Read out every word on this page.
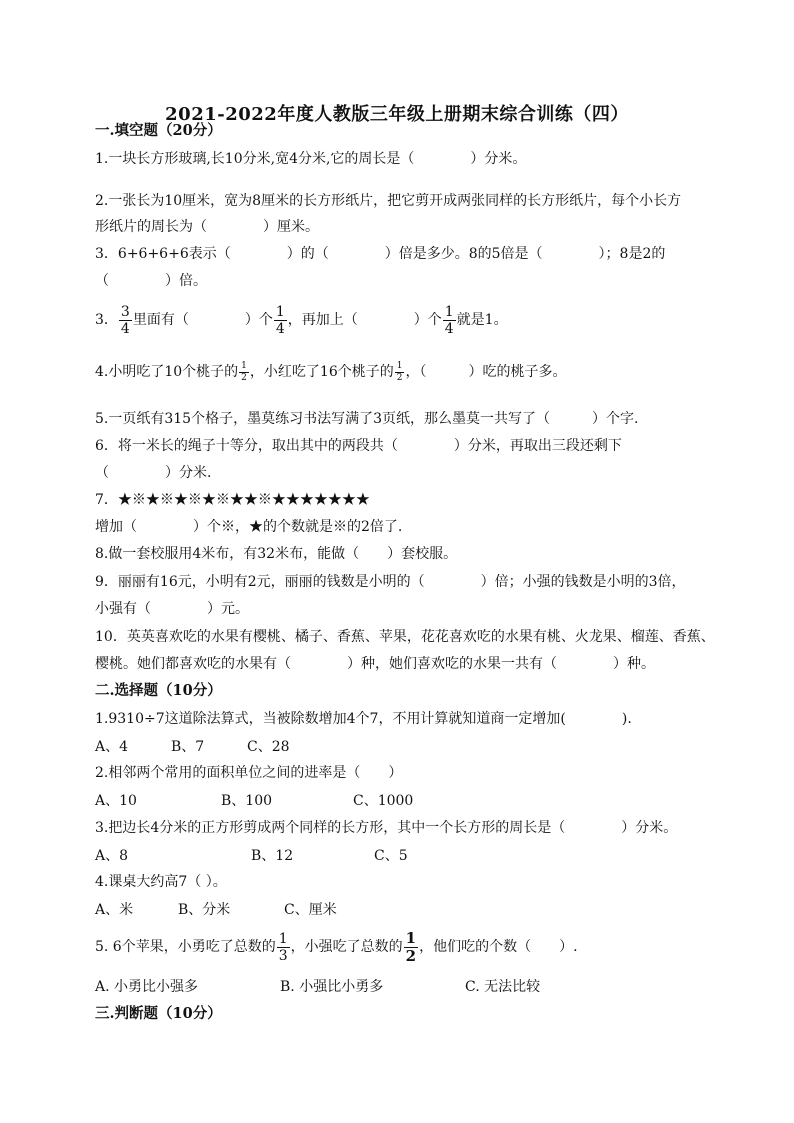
2021-2022年度人教版三年级上册期末综合训练（四）
一.填空题（20分）
1.一块长方形玻璃,长10分米,宽4分米,它的周长是（　　　　）分米。
2.一张长为10厘米，宽为8厘米的长方形纸片，把它剪开成两张同样的长方形纸片，每个小长方
形纸片的周长为（　　　　）厘米。
3．6+6+6+6表示（　　　　）的（　　　　）倍是多少。8的5倍是（　　　　）；8是2的
（　　　　）倍。
3． $\frac{3}{4}$ 里面有（　　　　）个 $\frac{1}{4}$ ，再加上（　　　　）个 $\frac{1}{4}$ 就是1。
4.小明吃了10个桃子的 $\frac{1}{2}$ ，小红吃了16个桃子的 $\frac{1}{2}$ ，（　　　）吃的桃子多。
5.一页纸有315个格子，墨莫练习书法写满了3页纸，那么墨莫一共写了（　　　）个字.
6．将一米长的绳子十等分，取出其中的两段共（　　　　）分米，再取出三段还剩下
（　　　　）分米.
7．★※★※★※★※★★※★★★★★★★
增加（　　　　）个※，★的个数就是※的2倍了.
8.做一套校服用4米布，有32米布，能做（　　）套校服。
9．丽丽有16元，小明有2元，丽丽的钱数是小明的（　　　　）倍；小强的钱数是小明的3倍，
小强有（　　　　）元。
10．英英喜欢吃的水果有樱桃、橘子、香蕉、苹果，花花喜欢吃的水果有桃、火龙果、榴莲、香蕉、
樱桃。她们都喜欢吃的水果有（　　　　）种，她们喜欢吃的水果一共有（　　　　）种。
二.选择题（10分）
1.9310÷7这道除法算式，当被除数增加4个7，不用计算就知道商一定增加(　　　　).
A、4	B、7	C、28
2.相邻两个常用的面积单位之间的进率是（　　）
A、10	B、100	C、1000
3.把边长4分米的正方形剪成两个同样的长方形，其中一个长方形的周长是（　　　　）分米。
A、8	B、12	C、5
4.课桌大约高7（ ）。
A、米	B、分米	C、厘米
5. 6个苹果，小勇吃了总数的 $\frac{1}{3}$ ，小强吃了总数的 $\frac{1}{2}$ ，他们吃的个数（　　）.
A. 小勇比小强多	B. 小强比小勇多	C. 无法比较
三.判断题（10分）
